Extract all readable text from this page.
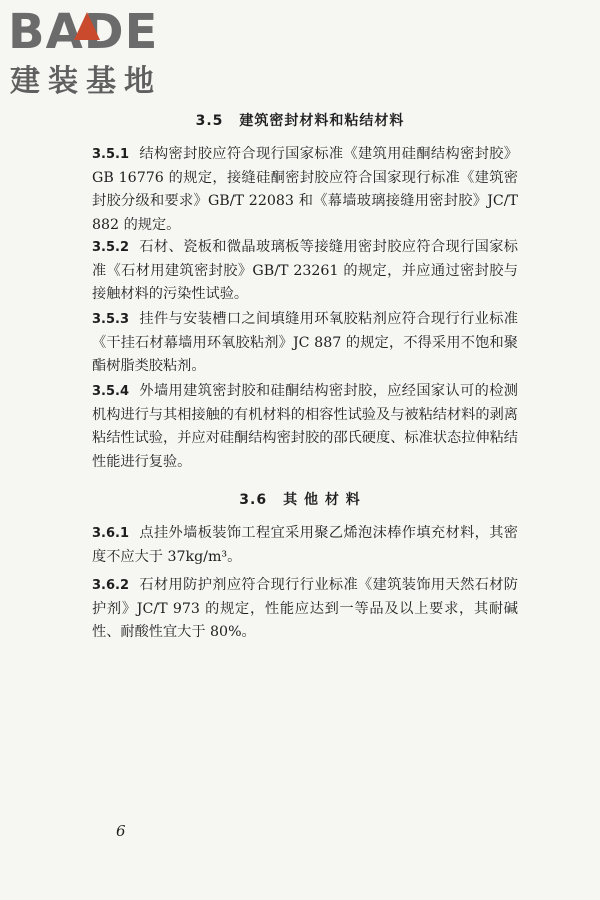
BADE
建装基地
3.5 建筑密封材料和粘结材料
3.5.1 结构密封胶应符合现行国家标准《建筑用硅酮结构密封胶》GB 16776 的规定，接缝硅酮密封胶应符合国家现行标准《建筑密封胶分级和要求》GB/T 22083 和《幕墙玻璃接缝用密封胶》JC/T 882 的规定。
3.5.2 石材、瓷板和微晶玻璃板等接缝用密封胶应符合现行国家标准《石材用建筑密封胶》GB/T 23261 的规定，并应通过密封胶与接触材料的污染性试验。
3.5.3 挂件与安装槽口之间填缝用环氧胶粘剂应符合现行行业标准《干挂石材幕墙用环氧胶粘剂》JC 887 的规定，不得采用不饱和聚酯树脂类胶粘剂。
3.5.4 外墙用建筑密封胶和硅酮结构密封胶，应经国家认可的检测机构进行与其相接触的有机材料的相容性试验及与被粘结材料的剥离粘结性试验，并应对硅酮结构密封胶的邵氏硬度、标准状态拉伸粘结性能进行复验。
3.6 其 他 材 料
3.6.1 点挂外墙板装饰工程宜采用聚乙烯泡沫棒作填充材料，其密度不应大于 37kg/m³。
3.6.2 石材用防护剂应符合现行行业标准《建筑装饰用天然石材防护剂》JC/T 973 的规定，性能应达到一等品及以上要求，其耐碱性、耐酸性宜大于 80%。
6
